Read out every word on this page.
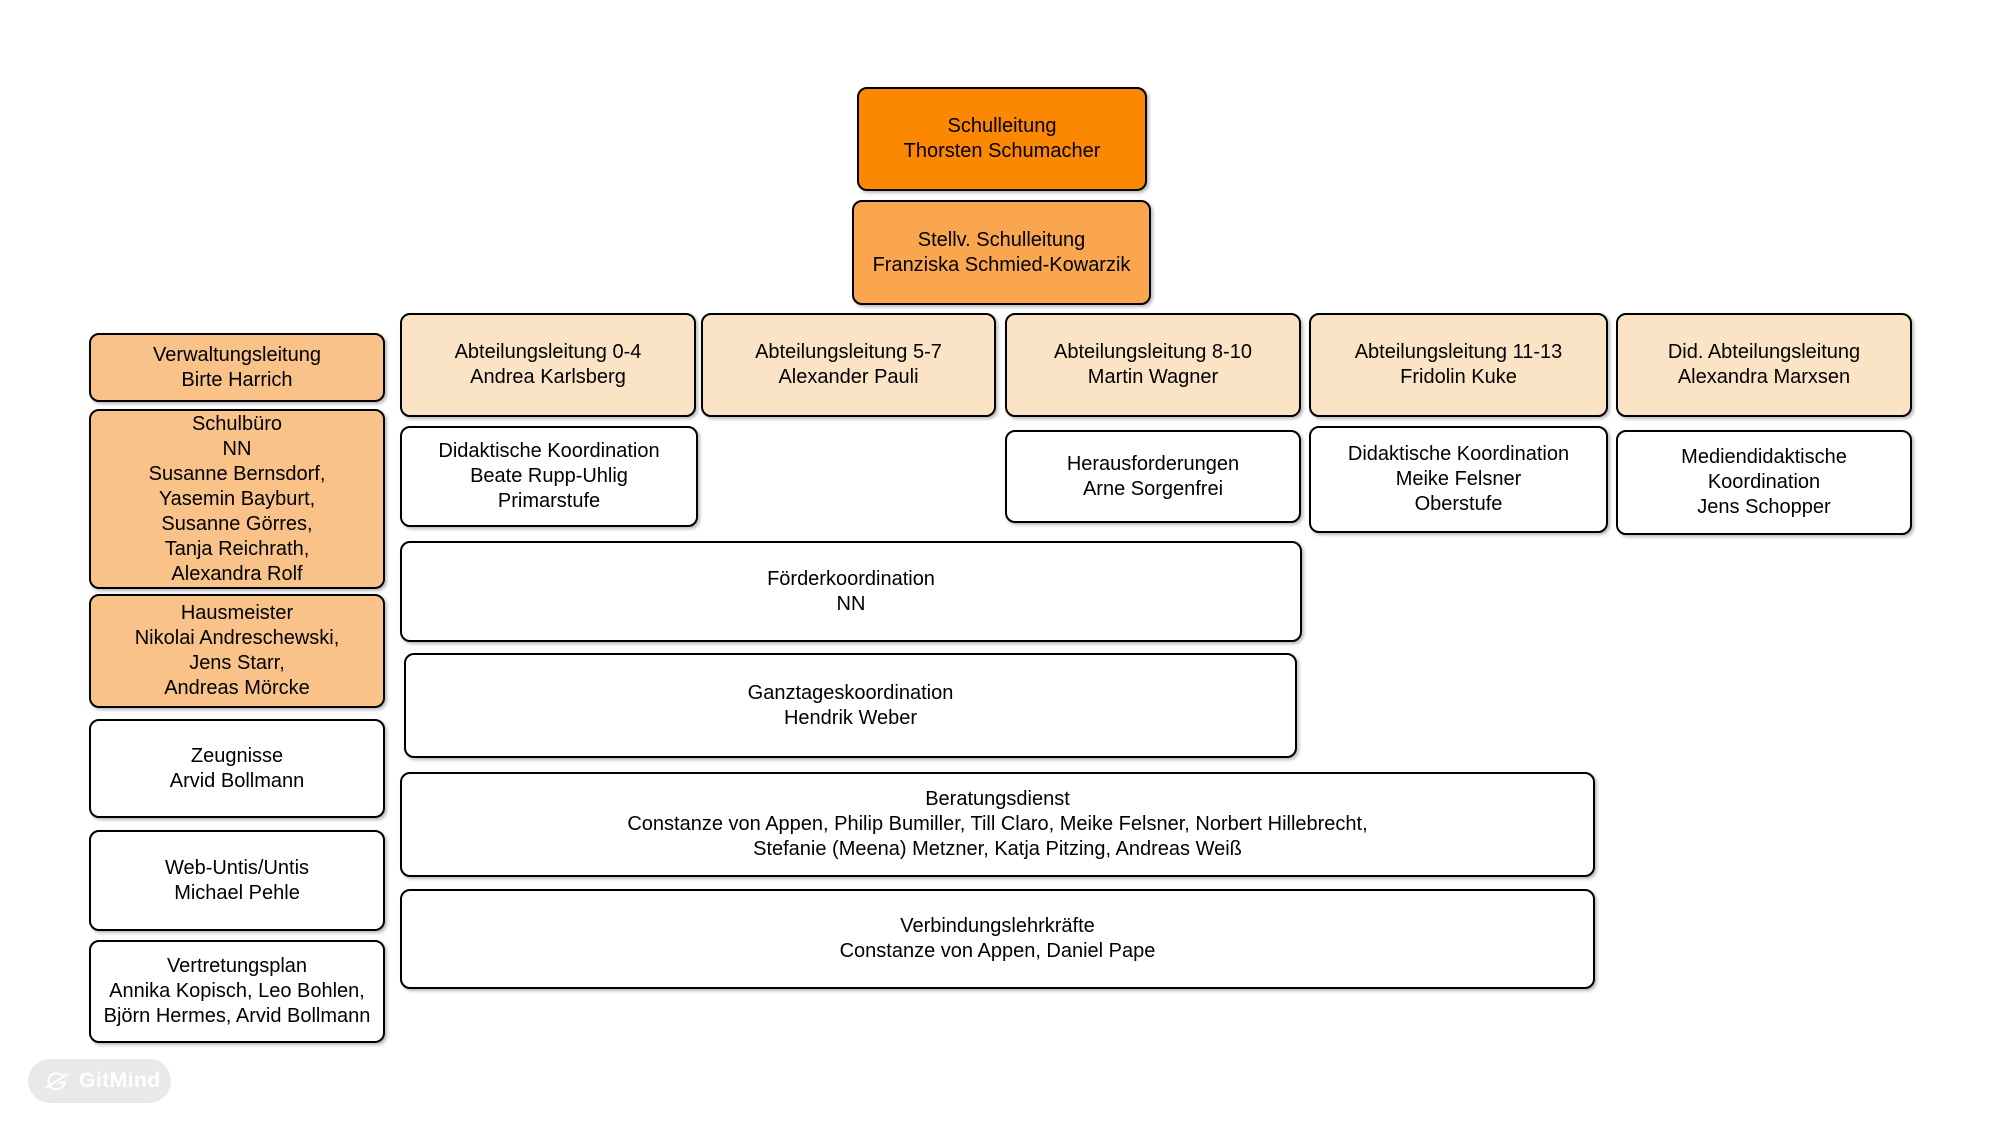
Schulleitung
Thorsten Schumacher
Stellv. Schulleitung
Franziska Schmied-Kowarzik
Verwaltungsleitung
Birte Harrich
Abteilungsleitung 0-4
Andrea Karlsberg
Abteilungsleitung 5-7
Alexander Pauli
Abteilungsleitung 8-10
Martin Wagner
Abteilungsleitung 11-13
Fridolin Kuke
Did. Abteilungsleitung
Alexandra Marxsen
Schulbüro
NN
Susanne Bernsdorf,
Yasemin Bayburt,
Susanne Görres,
Tanja Reichrath,
Alexandra Rolf
Hausmeister
Nikolai Andreschewski,
Jens Starr,
Andreas Mörcke
Zeugnisse
Arvid Bollmann
Web-Untis/Untis
Michael Pehle
Vertretungsplan
Annika Kopisch, Leo Bohlen,
Björn Hermes, Arvid Bollmann
Didaktische Koordination
Beate Rupp-Uhlig
Primarstufe
Herausforderungen
Arne Sorgenfrei
Didaktische Koordination
Meike Felsner
Oberstufe
Mediendidaktische
Koordination
Jens Schopper
Förderkoordination
NN
Ganztageskoordination
Hendrik Weber
Beratungsdienst
Constanze von Appen, Philip Bumiller, Till Claro, Meike Felsner, Norbert Hillebrecht,
Stefanie (Meena) Metzner, Katja Pitzing, Andreas Weiß
Verbindungslehrkräfte
Constanze von Appen, Daniel Pape
GitMind
